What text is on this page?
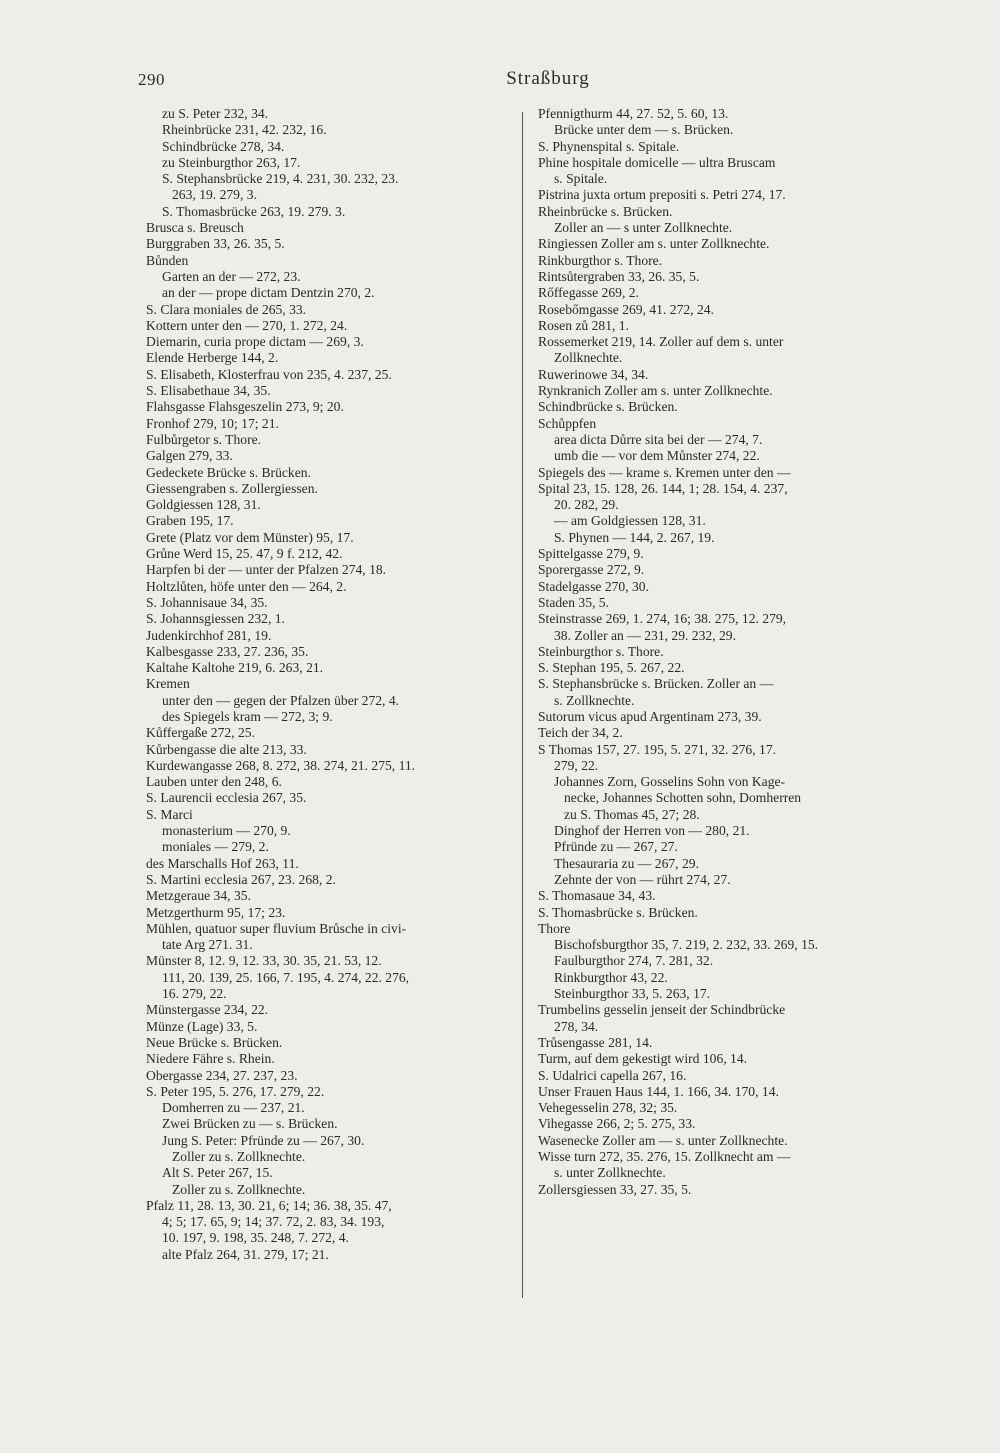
290	Straßburg
zu S. Peter 232, 34.
Rheinbrücke 231, 42. 232, 16.
Schindbrücke 278, 34.
zu Steinburgthor 263, 17.
S. Stephansbrücke 219, 4. 231, 30. 232, 23.
263, 19. 279, 3.
S. Thomasbrücke 263, 19. 279. 3.
Brusca s. Breusch
Burggraben 33, 26. 35, 5.
Bůnden
Garten an der — 272, 23.
an der — prope dictam Dentzin 270, 2.
S. Clara moniales de 265, 33.
Kottern unter den — 270, 1. 272, 24.
Diemarin, curia prope dictam — 269, 3.
Elende Herberge 144, 2.
S. Elisabeth, Klosterfrau von 235, 4. 237, 25.
S. Elisabethaue 34, 35.
Flahsgasse Flahsgeszelin 273, 9; 20.
Fronhof 279, 10; 17; 21.
Fulbůrgetor s. Thore.
Galgen 279, 33.
Gedeckete Brücke s. Brücken.
Giessengraben s. Zollergiessen.
Goldgiessen 128, 31.
Graben 195, 17.
Grete (Platz vor dem Münster) 95, 17.
Grůne Werd 15, 25. 47, 9 f. 212, 42.
Harpfen bi der — unter der Pfalzen 274, 18.
Holtzlůten, höfe unter den — 264, 2.
S. Johannisaue 34, 35.
S. Johannsgiessen 232, 1.
Judenkirchhof 281, 19.
Kalbesgasse 233, 27. 236, 35.
Kaltahe Kaltohe 219, 6. 263, 21.
Kremen
unter den — gegen der Pfalzen über 272, 4.
des Spiegels kram — 272, 3; 9.
Kůffergaße 272, 25.
Kůrbengasse die alte 213, 33.
Kurdewangasse 268, 8. 272, 38. 274, 21. 275, 11.
Lauben unter den 248, 6.
S. Laurencii ecclesia 267, 35.
S. Marci
monasterium — 270, 9.
moniales — 279, 2.
des Marschalls Hof 263, 11.
S. Martini ecclesia 267, 23. 268, 2.
Metzgeraue 34, 35.
Metzgerthurm 95, 17; 23.
Mühlen, quatuor super fluvium Brůsche in civi-
tate Arg 271. 31.
Münster 8, 12. 9, 12. 33, 30. 35, 21. 53, 12.
111, 20. 139, 25. 166, 7. 195, 4. 274, 22. 276,
16. 279, 22.
Münstergasse 234, 22.
Münze (Lage) 33, 5.
Neue Brücke s. Brücken.
Niedere Fähre s. Rhein.
Obergasse 234, 27. 237, 23.
S. Peter 195, 5. 276, 17. 279, 22.
Domherren zu — 237, 21.
Zwei Brücken zu — s. Brücken.
Jung S. Peter: Pfründe zu — 267, 30.
Zoller zu s. Zollknechte.
Alt S. Peter 267, 15.
Zoller zu s. Zollknechte.
Pfalz 11, 28. 13, 30. 21, 6; 14; 36. 38, 35. 47,
4; 5; 17. 65, 9; 14; 37. 72, 2. 83, 34. 193,
10. 197, 9. 198, 35. 248, 7. 272, 4.
alte Pfalz 264, 31. 279, 17; 21.
Pfennigthurm 44, 27. 52, 5. 60, 13.
Brücke unter dem — s. Brücken.
S. Phynenspital s. Spitale.
Phine hospitale domicelle — ultra Bruscam
s. Spitale.
Pistrina juxta ortum prepositi s. Petri 274, 17.
Rheinbrücke s. Brücken.
Zoller an — s unter Zollknechte.
Ringiessen Zoller am s. unter Zollknechte.
Rinkburgthor s. Thore.
Rintsůtergraben 33, 26. 35, 5.
Rőffegasse 269, 2.
Rosebőmgasse 269, 41. 272, 24.
Rosen zů 281, 1.
Rossemerket 219, 14. Zoller auf dem s. unter
Zollknechte.
Ruwerinowe 34, 34.
Rynkranich Zoller am s. unter Zollknechte.
Schindbrücke s. Brücken.
Schůppfen
area dicta Důrre sita bei der — 274, 7.
umb die — vor dem Můnster 274, 22.
Spiegels des — krame s. Kremen unter den —
Spital 23, 15. 128, 26. 144, 1; 28. 154, 4. 237,
20. 282, 29.
— am Goldgiessen 128, 31.
S. Phynen — 144, 2. 267, 19.
Spittelgasse 279, 9.
Sporergasse 272, 9.
Stadelgasse 270, 30.
Staden 35, 5.
Steinstrasse 269, 1. 274, 16; 38. 275, 12. 279,
38. Zoller an — 231, 29. 232, 29.
Steinburgthor s. Thore.
S. Stephan 195, 5. 267, 22.
S. Stephansbrücke s. Brücken. Zoller an —
s. Zollknechte.
Sutorum vicus apud Argentinam 273, 39.
Teich der 34, 2.
S Thomas 157, 27. 195, 5. 271, 32. 276, 17.
279, 22.
Johannes Zorn, Gosselins Sohn von Kage-
necke, Johannes Schotten sohn, Domherren
zu S. Thomas 45, 27; 28.
Dinghof der Herren von — 280, 21.
Pfründe zu — 267, 27.
Thesauraria zu — 267, 29.
Zehnte der von — rührt 274, 27.
S. Thomasaue 34, 43.
S. Thomasbrücke s. Brücken.
Thore
Bischofsburgthor 35, 7. 219, 2. 232, 33. 269, 15.
Faulburgthor 274, 7. 281, 32.
Rinkburgthor 43, 22.
Steinburgthor 33, 5. 263, 17.
Trumbelins gesselin jenseit der Schindbrücke
278, 34.
Trůsengasse 281, 14.
Turm, auf dem gekestigt wird 106, 14.
S. Udalrici capella 267, 16.
Unser Frauen Haus 144, 1. 166, 34. 170, 14.
Vehegesselin 278, 32; 35.
Vihegasse 266, 2; 5. 275, 33.
Wasenecke Zoller am — s. unter Zollknechte.
Wisse turn 272, 35. 276, 15. Zollknecht am —
s. unter Zollknechte.
Zollersgiessen 33, 27. 35, 5.
